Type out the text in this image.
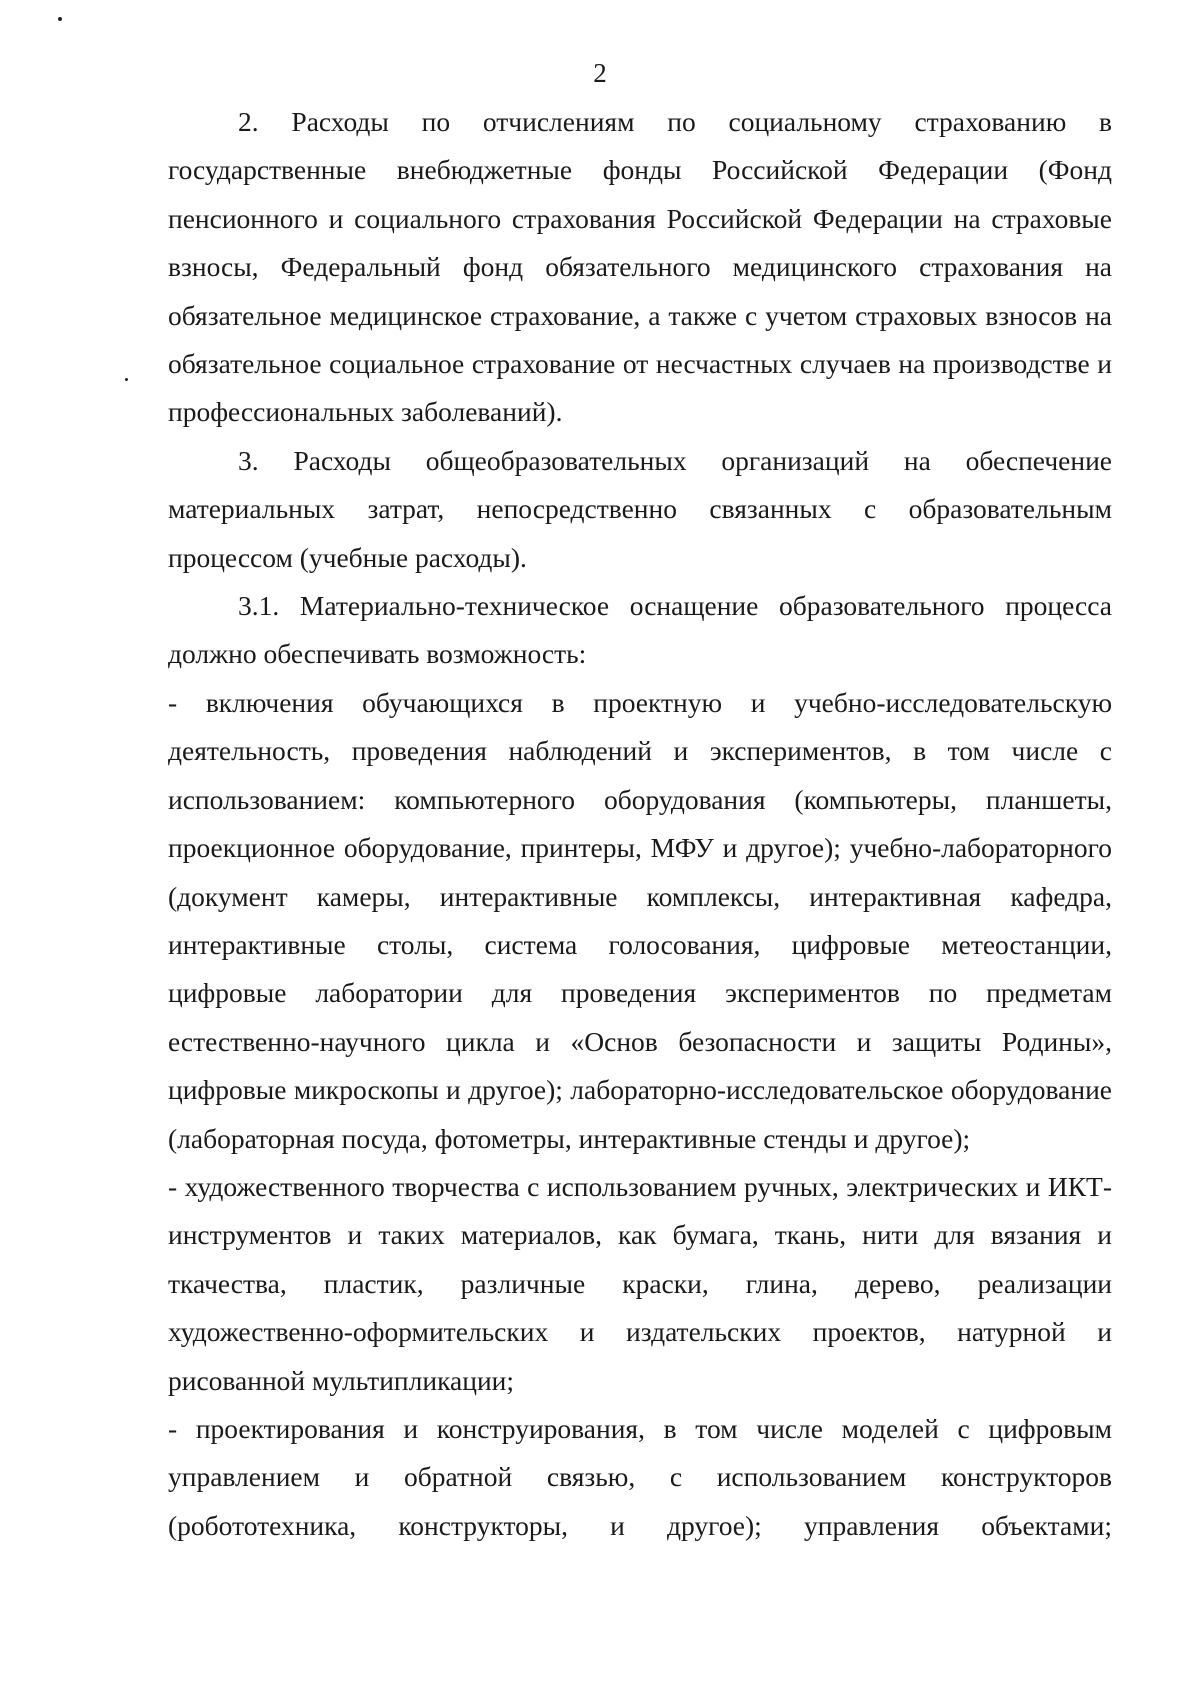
2

2. Расходы по отчислениям по социальному страхованию в государственные внебюджетные фонды Российской Федерации (Фонд пенсионного и социального страхования Российской Федерации на страховые взносы, Федеральный фонд обязательного медицинского страхования на обязательное медицинское страхование, а также с учетом страховых взносов на обязательное социальное страхование от несчастных случаев на производстве и профессиональных заболеваний).

3. Расходы общеобразовательных организаций на обеспечение материальных затрат, непосредственно связанных с образовательным процессом (учебные расходы).

3.1. Материально-техническое оснащение образовательного процесса должно обеспечивать возможность:

- включения обучающихся в проектную и учебно-исследовательскую деятельность, проведения наблюдений и экспериментов, в том числе с использованием: компьютерного оборудования (компьютеры, планшеты, проекционное оборудование, принтеры, МФУ и другое); учебно-лабораторного (документ камеры, интерактивные комплексы, интерактивная кафедра, интерактивные столы, система голосования, цифровые метеостанции, цифровые лаборатории для проведения экспериментов по предметам естественно-научного цикла и «Основ безопасности и защиты Родины», цифровые микроскопы и другое); лабораторно-исследовательское оборудование (лабораторная посуда, фотометры, интерактивные стенды и другое);

- художественного творчества с использованием ручных, электрических и ИКТ-инструментов и таких материалов, как бумага, ткань, нити для вязания и ткачества, пластик, различные краски, глина, дерево, реализации художественно-оформительских и издательских проектов, натурной и рисованной мультипликации;

- проектирования и конструирования, в том числе моделей с цифровым управлением и обратной связью, с использованием конструкторов (робототехника, конструкторы, и другое); управления объектами;
